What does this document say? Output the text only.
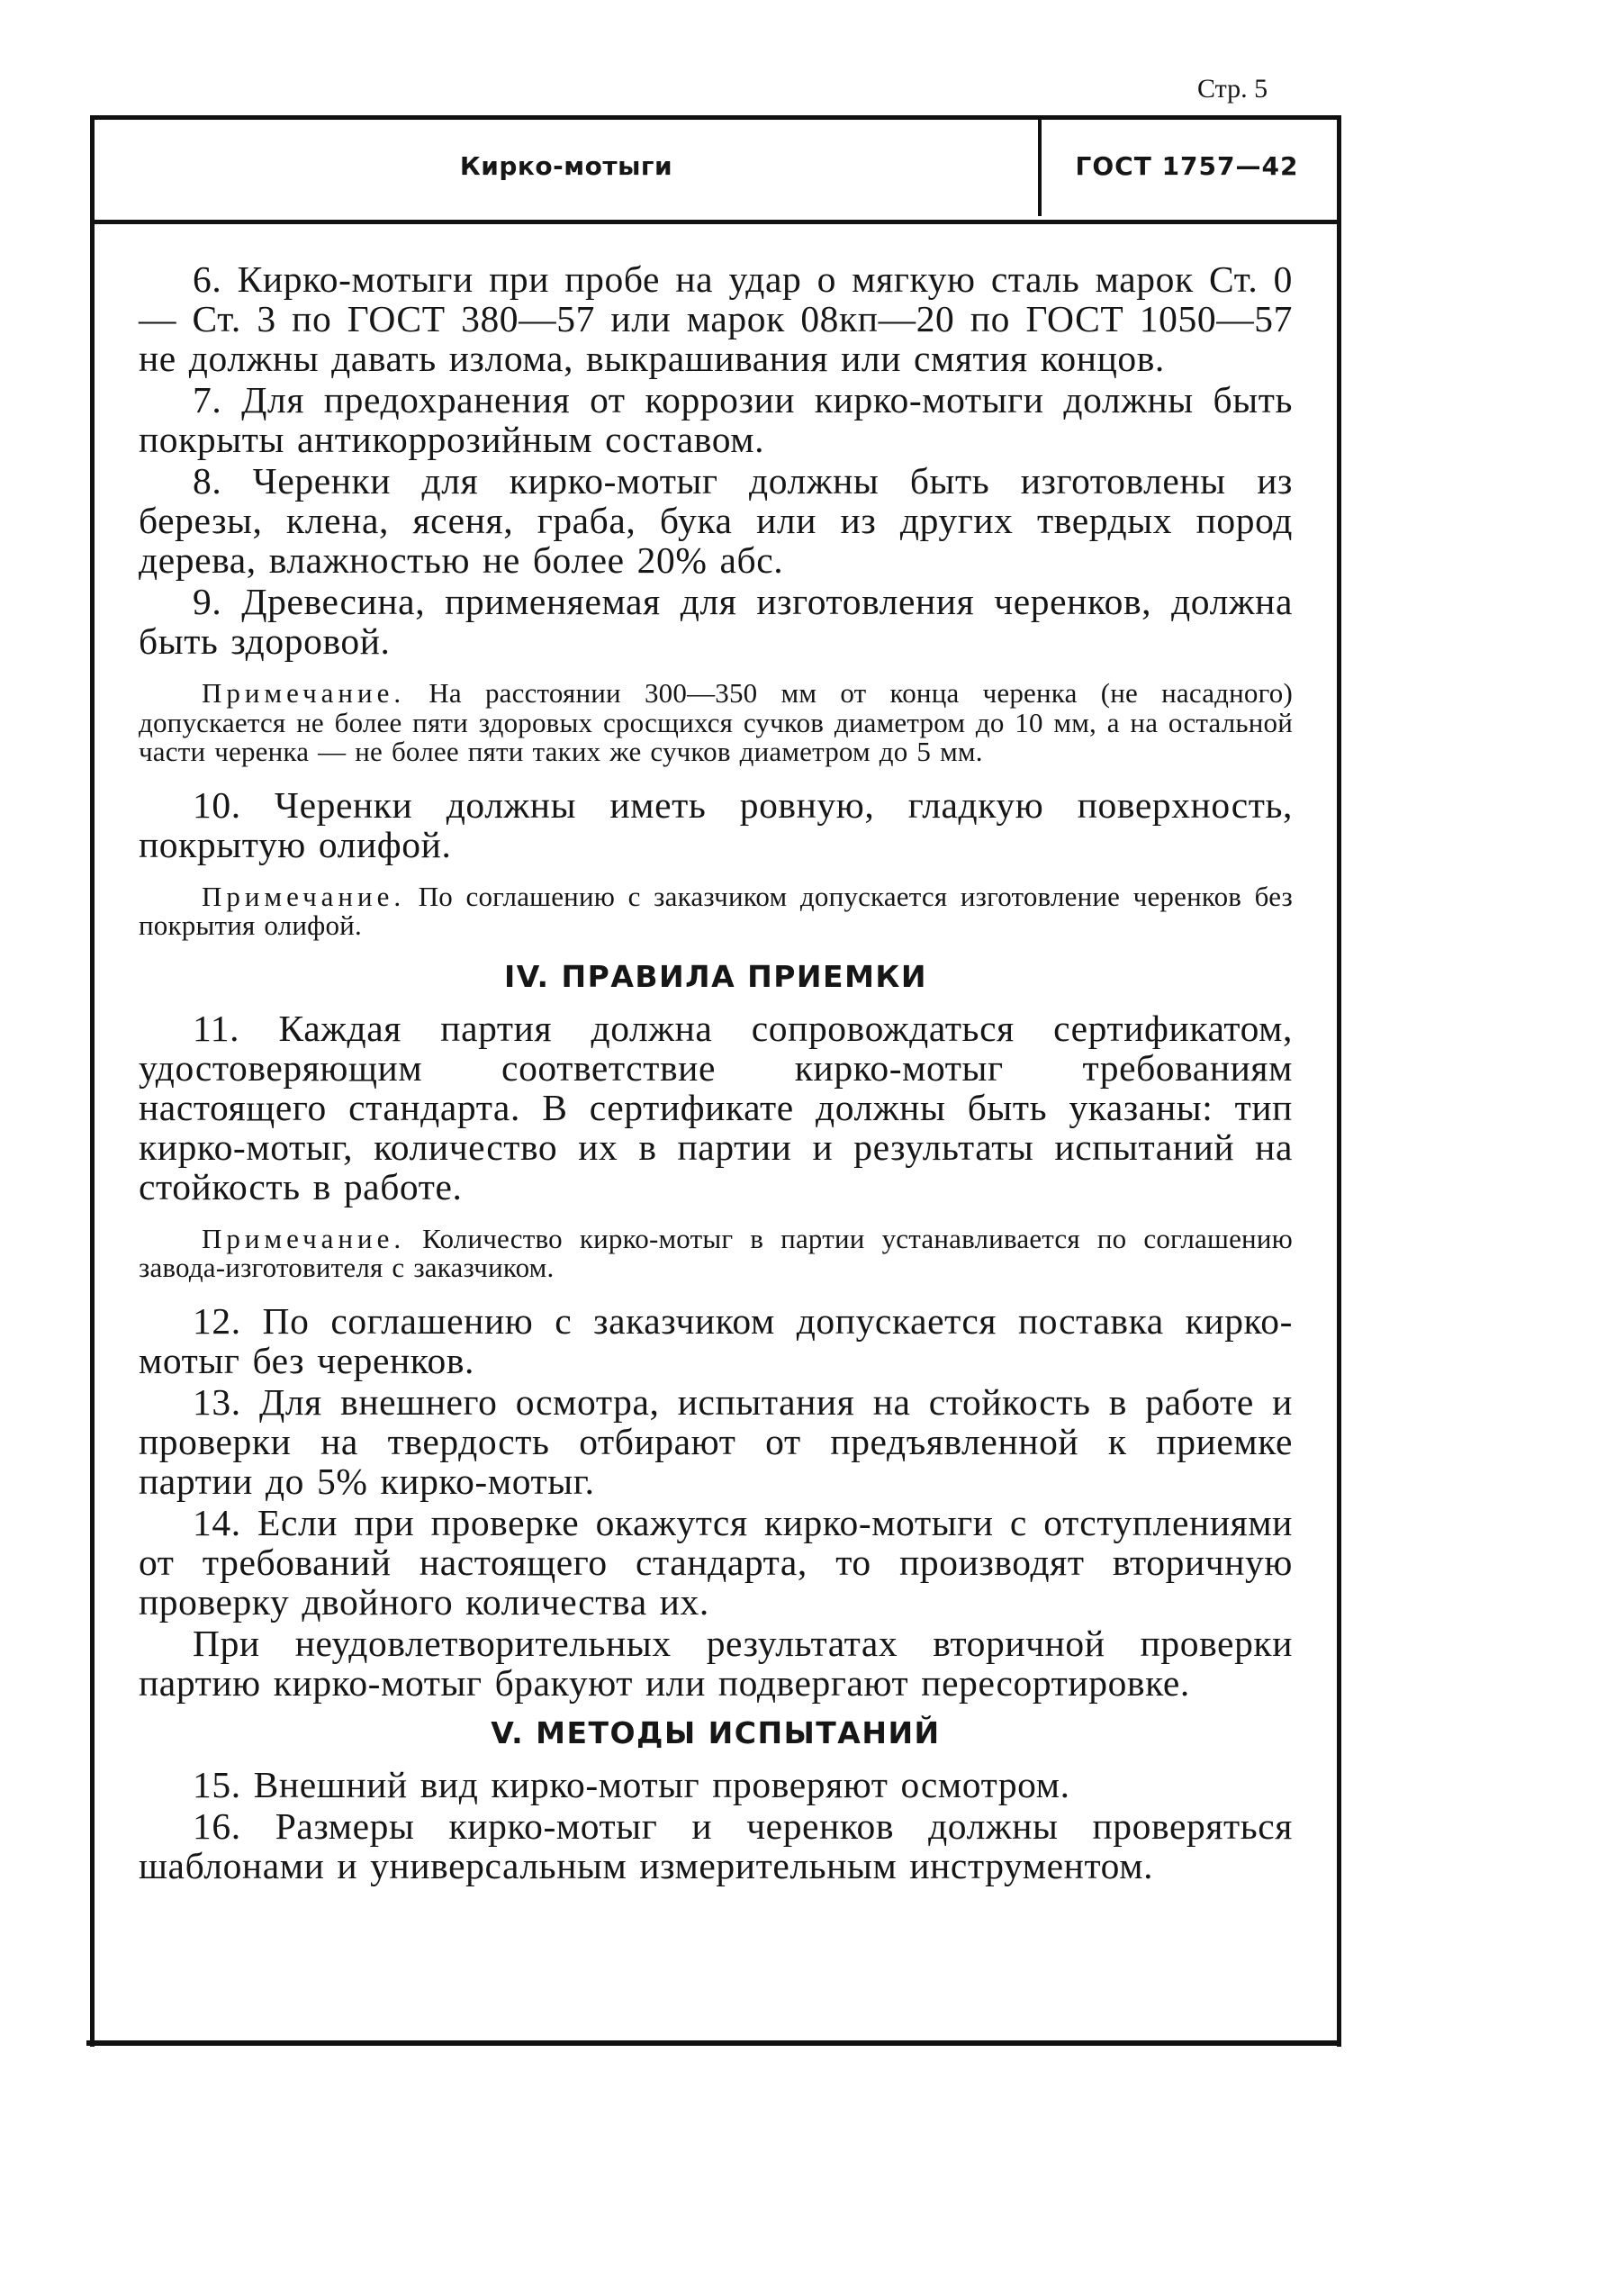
Стр. 5
Кирко-мотыги	ГОСТ 1757—42

6. Кирко-мотыги при пробе на удар о мягкую сталь марок Ст. 0 — Ст. 3 по ГОСТ 380—57 или марок 08кп—20 по ГОСТ 1050—57 не должны давать излома, выкрашивания или смятия концов.

7. Для предохранения от коррозии кирко-мотыги должны быть покрыты антикоррозийным составом.

8. Черенки для кирко-мотыг должны быть изготовлены из березы, клена, ясеня, граба, бука или из других твердых пород дерева, влажностью не более 20% абс.

9. Древесина, применяемая для изготовления черенков, должна быть здоровой.

Примечание. На расстоянии 300—350 мм от конца черенка (не насадного) допускается не более пяти здоровых сросщихся сучков диаметром до 10 мм, а на остальной части черенка — не более пяти таких же сучков диаметром до 5 мм.

10. Черенки должны иметь ровную, гладкую поверхность, покрытую олифой.

Примечание. По соглашению с заказчиком допускается изготовление черенков без покрытия олифой.

IV. ПРАВИЛА ПРИЕМКИ

11. Каждая партия должна сопровождаться сертификатом, удостоверяющим соответствие кирко-мотыг требованиям настоящего стандарта. В сертификате должны быть указаны: тип кирко-мотыг, количество их в партии и результаты испытаний на стойкость в работе.

Примечание. Количество кирко-мотыг в партии устанавливается по соглашению завода-изготовителя с заказчиком.

12. По соглашению с заказчиком допускается поставка кирко-мотыг без черенков.

13. Для внешнего осмотра, испытания на стойкость в работе и проверки на твердость отбирают от предъявленной к приемке партии до 5% кирко-мотыг.

14. Если при проверке окажутся кирко-мотыги с отступлениями от требований настоящего стандарта, то производят вторичную проверку двойного количества их.

При неудовлетворительных результатах вторичной проверки партию кирко-мотыг бракуют или подвергают пересортировке.

V. МЕТОДЫ ИСПЫТАНИЙ

15. Внешний вид кирко-мотыг проверяют осмотром.

16. Размеры кирко-мотыг и черенков должны проверяться шаблонами и универсальным измерительным инструментом.
